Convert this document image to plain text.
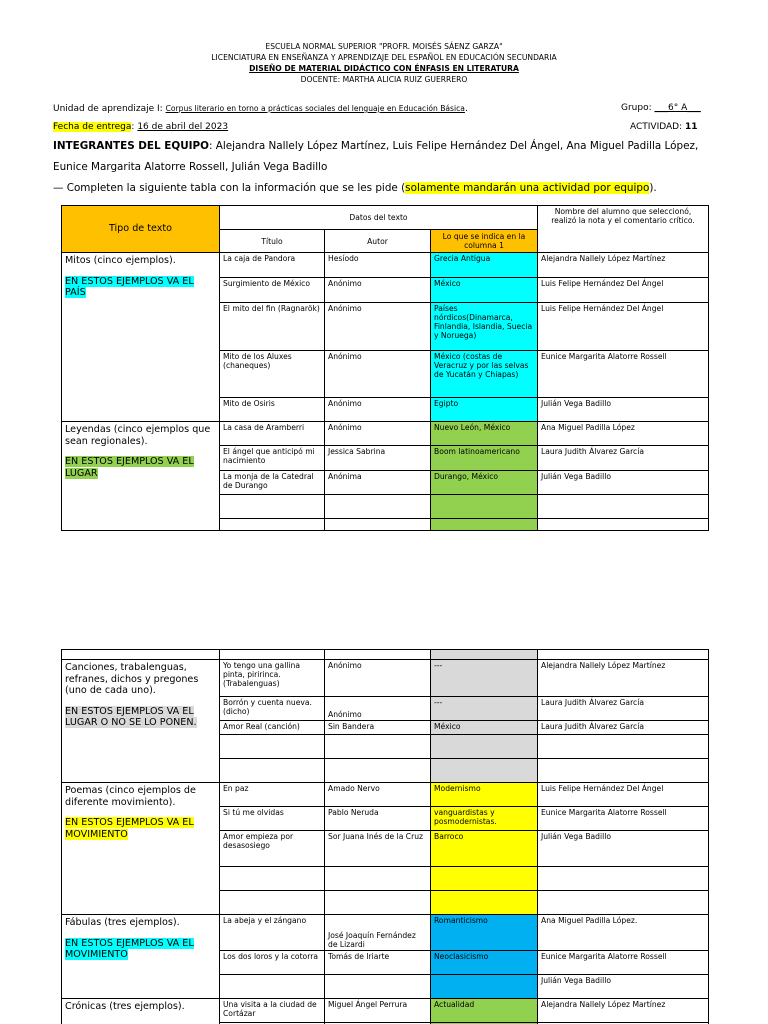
ESCUELA NORMAL SUPERIOR "PROFR. MOISÉS SÁENZ GARZA"
LICENCIATURA EN ENSEÑANZA Y APRENDIZAJE DEL ESPAÑOL EN EDUCACIÓN SECUNDARIA
DISEÑO DE MATERIAL DIDÁCTICO CON ÉNFASIS EN LITERATURA
DOCENTE: MARTHA ALICIA RUIZ GUERRERO
Unidad de aprendizaje I: Corpus literario en torno a prácticas sociales del lenguaje en Educación Básica.	Grupo: ___6° A___
Fecha de entrega: 16 de abril del 2023	ACTIVIDAD: 11
INTEGRANTES DEL EQUIPO: Alejandra Nallely López Martínez, Luis Felipe Hernández Del Ángel, Ana Miguel Padilla López,
Eunice Margarita Alatorre Rossell, Julián Vega Badillo
— Completen la siguiente tabla con la información que se les pide (solamente mandarán una actividad por equipo).
Tipo de texto	Datos del texto			Nombre del alumno que seleccionó, realizó la nota y el comentario crítico.
	Título	Autor	Lo que se indica en la columna 1	

Mitos (cinco ejemplos).

EN ESTOS EJEMPLOS VA EL PAÍS	La caja de Pandora	Hesíodo	Grecia Antigua	Alejandra Nallely López Martínez
	Surgimiento de México	Anónimo	México	Luis Felipe Hernández Del Ángel
	El mito del fin (Ragnarök)	Anónimo	Países nórdicos(Dinamarca, Finlandia, Islandia, Suecia y Noruega)	Luis Felipe Hernández Del Ángel
	Mito de los Aluxes (chaneques)	Anónimo	México (costas de Veracruz y por las selvas de Yucatán y Chiapas)	Eunice Margarita Alatorre Rossell
	Mito de Osiris	Anónimo	Egipto	Julián Vega Badillo

Leyendas (cinco ejemplos que sean regionales).

EN ESTOS EJEMPLOS VA EL LUGAR	La casa de Aramberri	Anónimo	Nuevo León, México	Ana Miguel Padilla López
	El ángel que anticipó mi nacimiento	Jessica Sabrina	Boom latinoamericano	Laura Judith Álvarez García
	La monja de la Catedral de Durango	Anónima	Durango, México	Julián Vega Badillo

Canciones, trabalenguas, refranes, dichos y pregones (uno de cada uno).

EN ESTOS EJEMPLOS VA EL LUGAR O NO SE LO PONEN.	Yo tengo una gallina pinta, piririnca. (Trabalenguas)	Anónimo	---	Alejandra Nallely López Martínez
	Borrón y cuenta nueva. (dicho)	Anónimo	---	Laura Judith Álvarez García
	Amor Real (canción)	Sin Bandera	México	Laura Judith Álvarez García

Poemas (cinco ejemplos de diferente movimiento).

EN ESTOS EJEMPLOS VA EL MOVIMIENTO	En paz	Amado Nervo	Modernismo	Luis Felipe Hernández Del Ángel
	Si tú me olvidas	Pablo Neruda	vanguardistas y posmodernistas.	Eunice Margarita Alatorre Rossell
	Amor empieza por desasosiego	Sor Juana Inés de la Cruz	Barroco	Julián Vega Badillo

Fábulas (tres ejemplos).

EN ESTOS EJEMPLOS VA EL MOVIMIENTO	La abeja y el zángano	José Joaquín Fernández de Lizardi	Romanticismo	Ana Miguel Padilla López.
	Los dos loros y la cotorra	Tomás de Iriarte	Neoclasicismo	Eunice Margarita Alatorre Rossell
				Julián Vega Badillo

Crónicas (tres ejemplos).	Una visita a la ciudad de Cortázar	Miguel Ángel Perrura	Actualidad	Alejandra Nallely López Martínez
